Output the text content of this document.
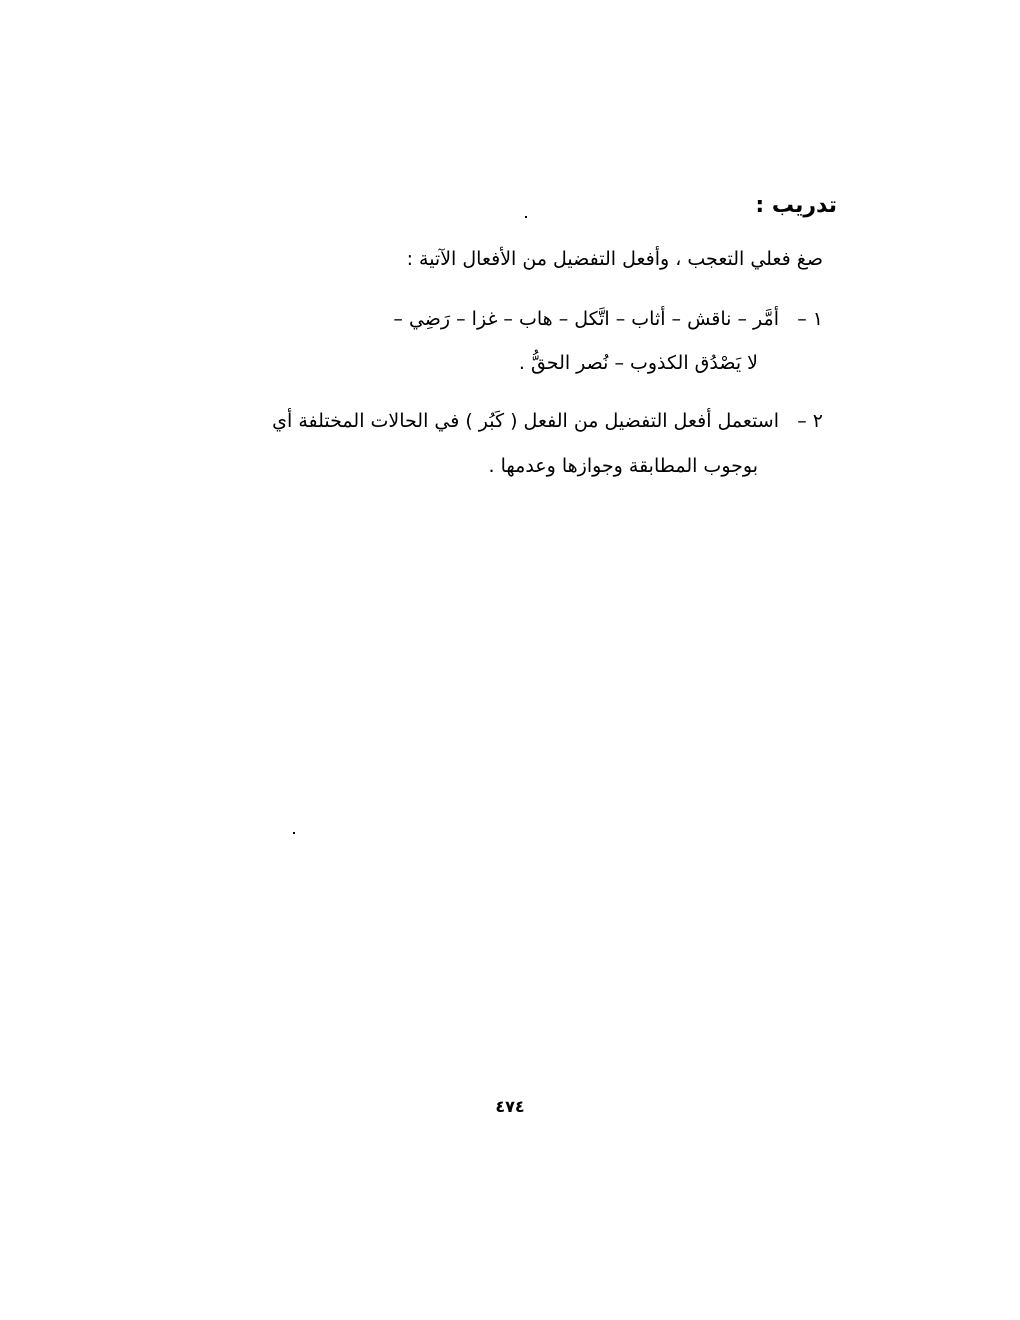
تدريب :
صغ فعلي التعجب ، وأفعل التفضيل من الأفعال الآتية :
١ –أمَّر – ناقش – أثاب – اتَّكل – هاب – غزا – رَضِي –
لا يَصْدُق الكذوب – نُصر الحقُّ .
٢ –استعمل أفعل التفضيل من الفعل ( كَبُر ) في الحالات المختلفة أي
بوجوب المطابقة وجوازها وعدمها .
٤٧٤
